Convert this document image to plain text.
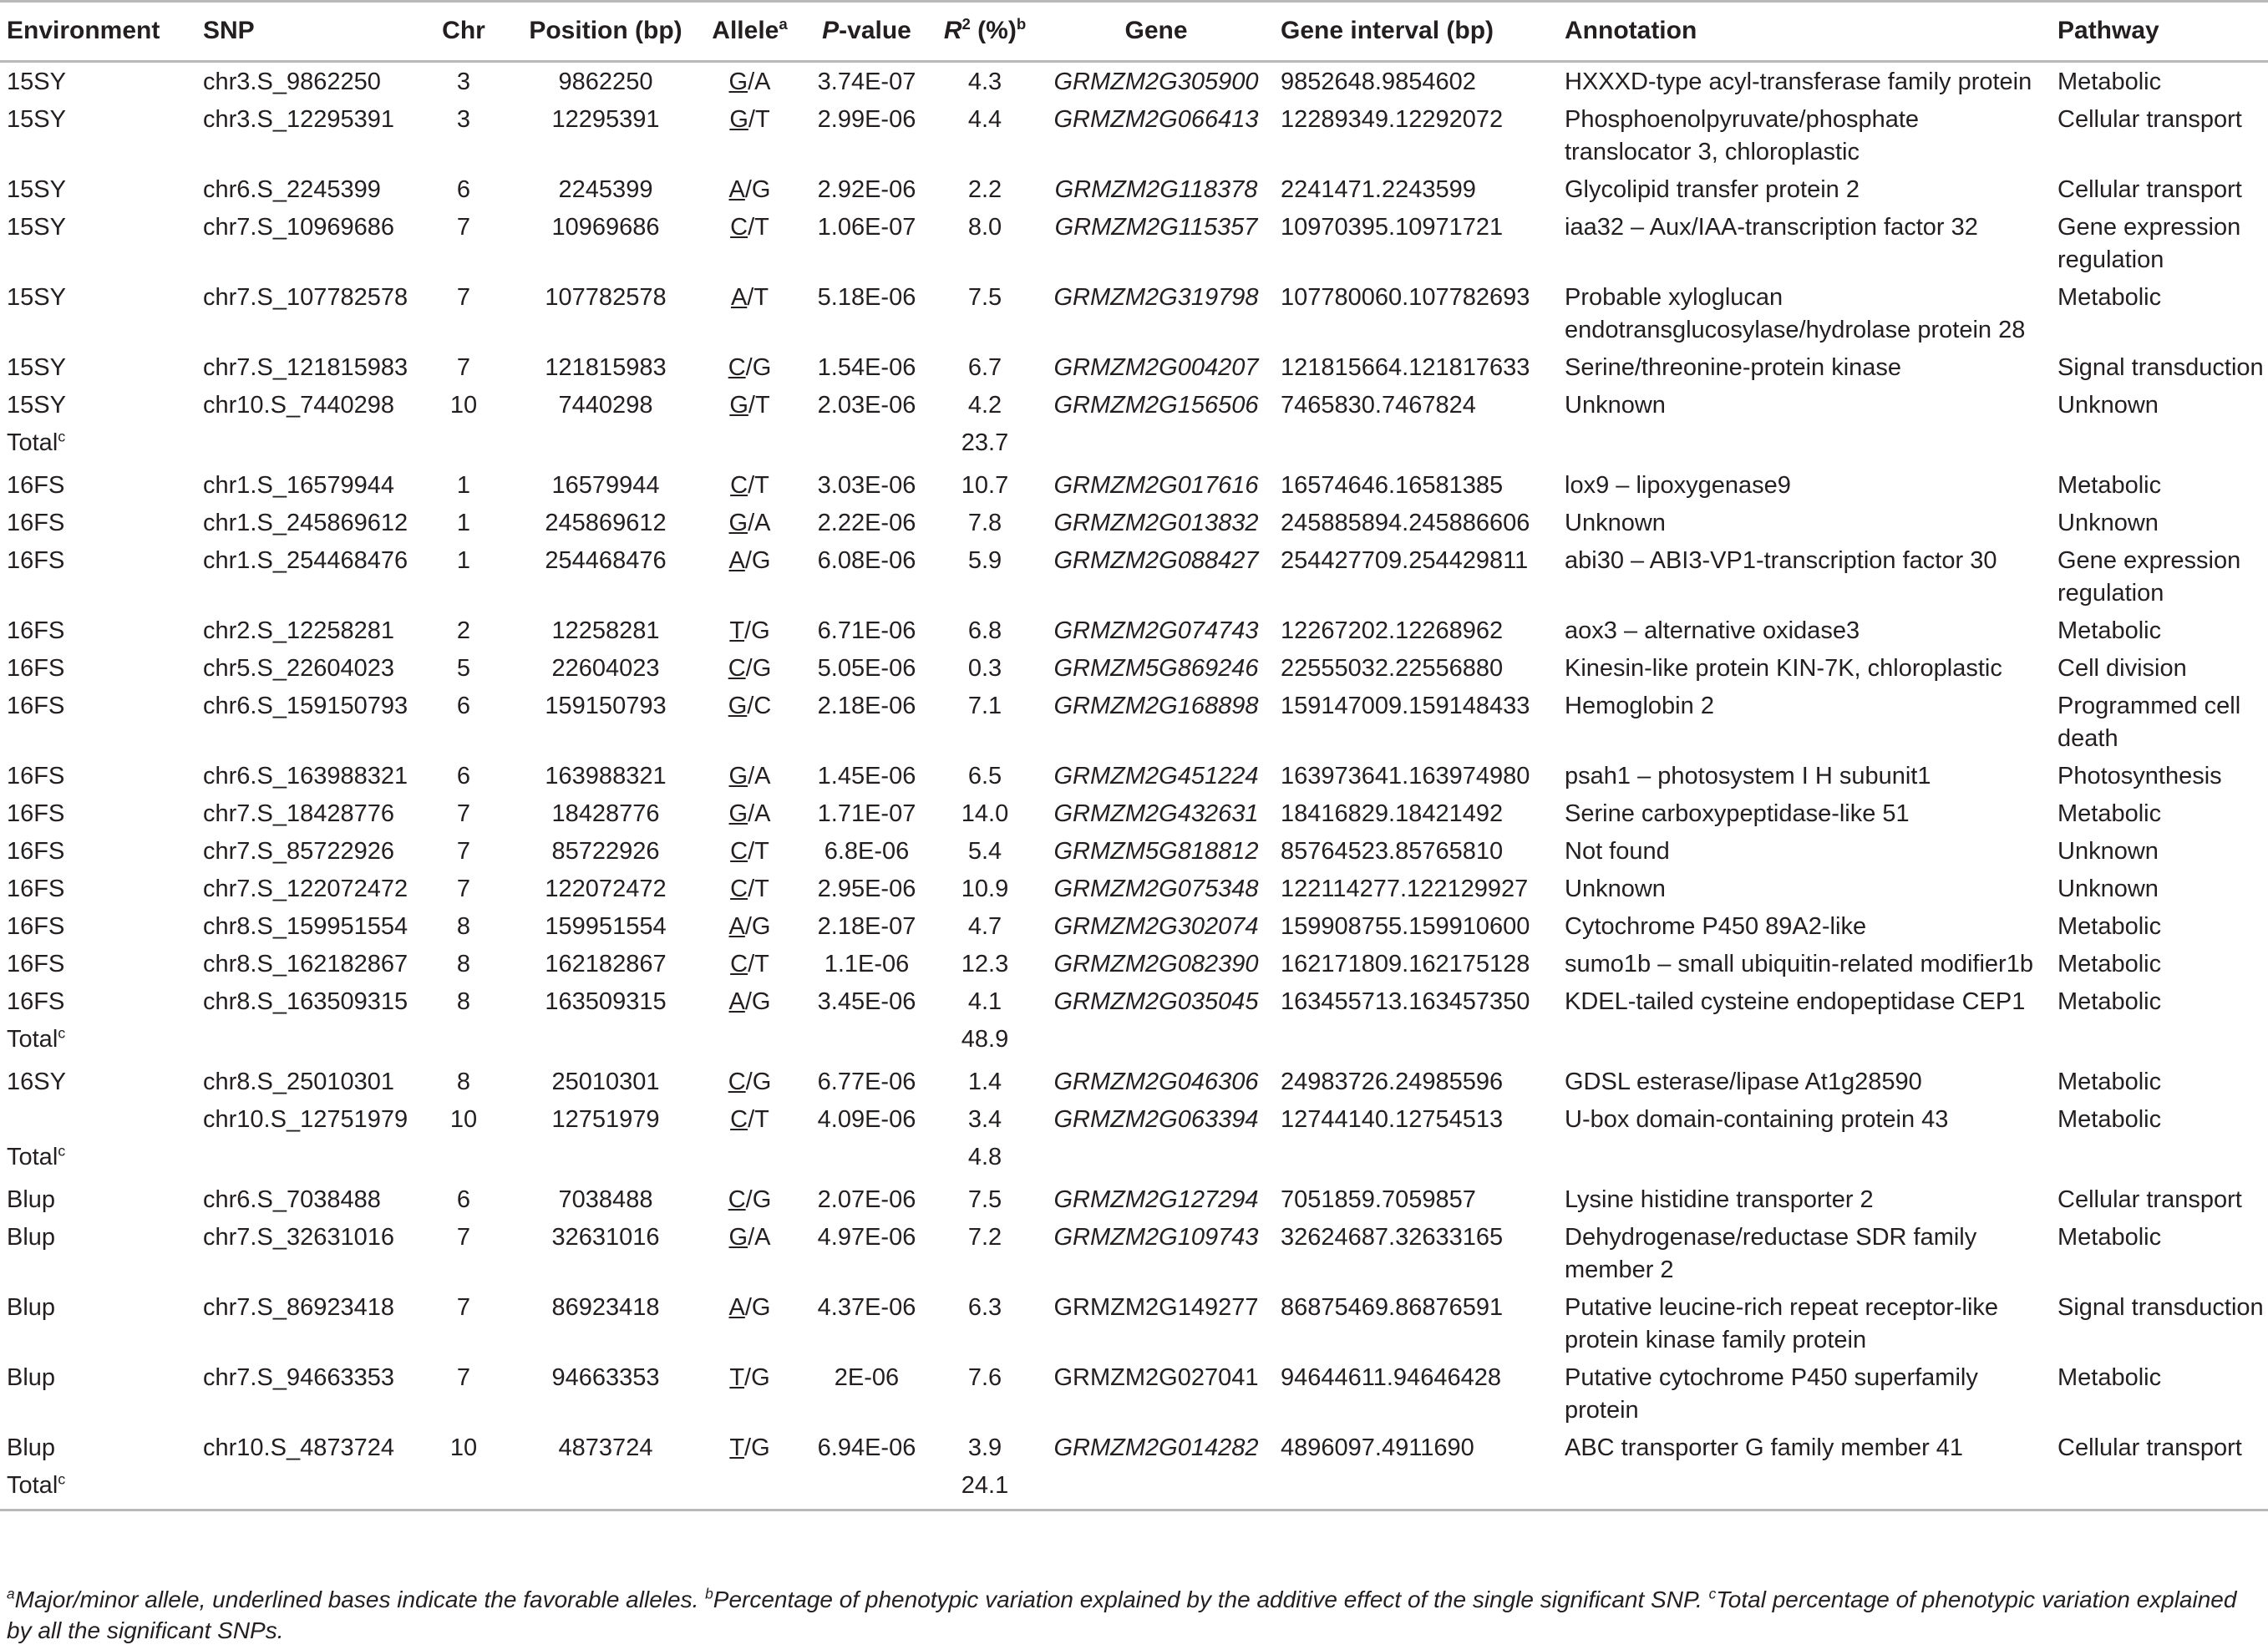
Environment	SNP	Chr	Position (bp)	Allele$^a$	P-value	$R^2$ (%)$^b$	Gene	Gene interval (bp)	Annotation	Pathway
15SY	chr3.S_9862250	3	9862250	G/A	3.74E-07	4.3	GRMZM2G305900	9852648.9854602	HXXXD-type acyl-transferase family protein	Metabolic
15SY	chr3.S_12295391	3	12295391	G/T	2.99E-06	4.4	GRMZM2G066413	12289349.12292072	Phosphoenolpyruvate/phosphate translocator 3, chloroplastic	Cellular transport
15SY	chr6.S_2245399	6	2245399	A/G	2.92E-06	2.2	GRMZM2G118378	2241471.2243599	Glycolipid transfer protein 2	Cellular transport
15SY	chr7.S_10969686	7	10969686	C/T	1.06E-07	8.0	GRMZM2G115357	10970395.10971721	iaa32 – Aux/IAA-transcription factor 32	Gene expression regulation
15SY	chr7.S_107782578	7	107782578	A/T	5.18E-06	7.5	GRMZM2G319798	107780060.107782693	Probable xyloglucan endotransglucosylase/hydrolase protein 28	Metabolic
15SY	chr7.S_121815983	7	121815983	C/G	1.54E-06	6.7	GRMZM2G004207	121815664.121817633	Serine/threonine-protein kinase	Signal transduction
15SY	chr10.S_7440298	10	7440298	G/T	2.03E-06	4.2	GRMZM2G156506	7465830.7467824	Unknown	Unknown
Total$^c$						23.7				
16FS	chr1.S_16579944	1	16579944	C/T	3.03E-06	10.7	GRMZM2G017616	16574646.16581385	lox9 – lipoxygenase9	Metabolic
16FS	chr1.S_245869612	1	245869612	G/A	2.22E-06	7.8	GRMZM2G013832	245885894.245886606	Unknown	Unknown
16FS	chr1.S_254468476	1	254468476	A/G	6.08E-06	5.9	GRMZM2G088427	254427709.254429811	abi30 – ABI3-VP1-transcription factor 30	Gene expression regulation
16FS	chr2.S_12258281	2	12258281	T/G	6.71E-06	6.8	GRMZM2G074743	12267202.12268962	aox3 – alternative oxidase3	Metabolic
16FS	chr5.S_22604023	5	22604023	C/G	5.05E-06	0.3	GRMZM5G869246	22555032.22556880	Kinesin-like protein KIN-7K, chloroplastic	Cell division
16FS	chr6.S_159150793	6	159150793	G/C	2.18E-06	7.1	GRMZM2G168898	159147009.159148433	Hemoglobin 2	Programmed cell death
16FS	chr6.S_163988321	6	163988321	G/A	1.45E-06	6.5	GRMZM2G451224	163973641.163974980	psah1 – photosystem I H subunit1	Photosynthesis
16FS	chr7.S_18428776	7	18428776	G/A	1.71E-07	14.0	GRMZM2G432631	18416829.18421492	Serine carboxypeptidase-like 51	Metabolic
16FS	chr7.S_85722926	7	85722926	C/T	6.8E-06	5.4	GRMZM5G818812	85764523.85765810	Not found	Unknown
16FS	chr7.S_122072472	7	122072472	C/T	2.95E-06	10.9	GRMZM2G075348	122114277.122129927	Unknown	Unknown
16FS	chr8.S_159951554	8	159951554	A/G	2.18E-07	4.7	GRMZM2G302074	159908755.159910600	Cytochrome P450 89A2-like	Metabolic
16FS	chr8.S_162182867	8	162182867	C/T	1.1E-06	12.3	GRMZM2G082390	162171809.162175128	sumo1b – small ubiquitin-related modifier1b	Metabolic
16FS	chr8.S_163509315	8	163509315	A/G	3.45E-06	4.1	GRMZM2G035045	163455713.163457350	KDEL-tailed cysteine endopeptidase CEP1	Metabolic
Total$^c$						48.9				
16SY	chr8.S_25010301	8	25010301	C/G	6.77E-06	1.4	GRMZM2G046306	24983726.24985596	GDSL esterase/lipase At1g28590	Metabolic
	chr10.S_12751979	10	12751979	C/T	4.09E-06	3.4	GRMZM2G063394	12744140.12754513	U-box domain-containing protein 43	Metabolic
Total$^c$						4.8				
Blup	chr6.S_7038488	6	7038488	C/G	2.07E-06	7.5	GRMZM2G127294	7051859.7059857	Lysine histidine transporter 2	Cellular transport
Blup	chr7.S_32631016	7	32631016	G/A	4.97E-06	7.2	GRMZM2G109743	32624687.32633165	Dehydrogenase/reductase SDR family member 2	Metabolic
Blup	chr7.S_86923418	7	86923418	A/G	4.37E-06	6.3	GRMZM2G149277	86875469.86876591	Putative leucine-rich repeat receptor-like protein kinase family protein	Signal transduction
Blup	chr7.S_94663353	7	94663353	T/G	2E-06	7.6	GRMZM2G027041	94644611.94646428	Putative cytochrome P450 superfamily protein	Metabolic
Blup	chr10.S_4873724	10	4873724	T/G	6.94E-06	3.9	GRMZM2G014282	4896097.4911690	ABC transporter G family member 41	Cellular transport
Total$^c$						24.1				
$^a$Major/minor allele, underlined bases indicate the favorable alleles. $^b$Percentage of phenotypic variation explained by the additive effect of the single significant SNP. $^c$Total percentage of phenotypic variation explained by all the significant SNPs.
